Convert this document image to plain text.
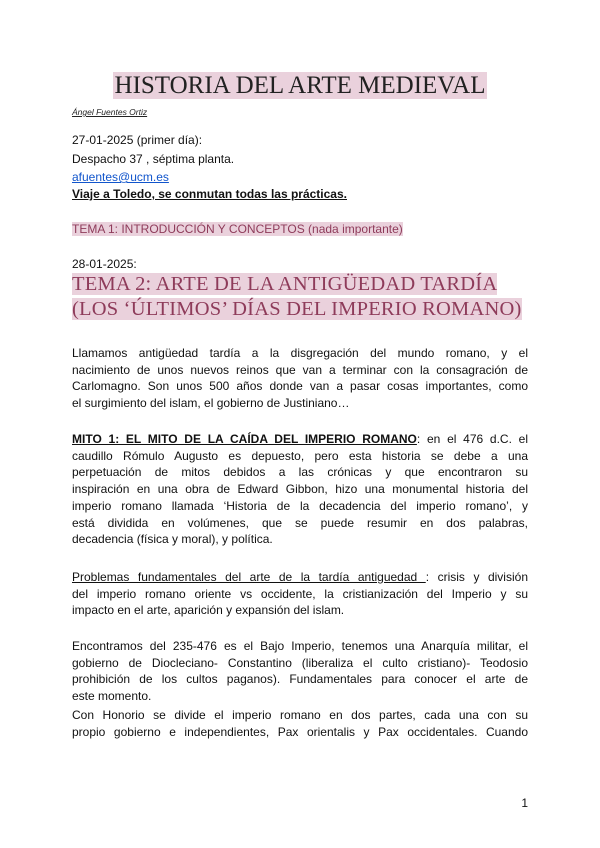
HISTORIA DEL ARTE MEDIEVAL
Ángel Fuentes Ortiz
27-01-2025 (primer día):
Despacho 37 , séptima planta.
afuentes@ucm.es
Viaje a Toledo, se conmutan todas las prácticas.
TEMA 1: INTRODUCCIÓN Y CONCEPTOS (nada importante)
28-01-2025:
TEMA 2: ARTE DE LA ANTIGÜEDAD TARDÍA
(LOS ‘ÚLTIMOS’ DÍAS DEL IMPERIO ROMANO)
Llamamos antigüedad tardía a la disgregación del mundo romano, y el
nacimiento de unos nuevos reinos que van a terminar con la consagración de
Carlomagno. Son unos 500 años donde van a pasar cosas importantes, como
el surgimiento del islam, el gobierno de Justiniano…
MITO 1: EL MITO DE LA CAÍDA DEL IMPERIO ROMANO: en el 476 d.C. el
caudillo Rómulo Augusto es depuesto, pero esta historia se debe a una
perpetuación de mitos debidos a las crónicas y que encontraron su
inspiración en una obra de Edward Gibbon, hizo una monumental historia del
imperio romano llamada ‘Historia de la decadencia del imperio romano’, y
está dividida en volúmenes, que se puede resumir en dos palabras,
decadencia (física y moral), y política.
Problemas fundamentales del arte de la tardía antiguedad : crisis y división
del imperio romano oriente vs occidente, la cristianización del Imperio y su
impacto en el arte, aparición y expansión del islam.
Encontramos del 235-476 es el Bajo Imperio, tenemos una Anarquía militar, el
gobierno de Diocleciano- Constantino (liberaliza el culto cristiano)- Teodosio
prohibición de los cultos paganos). Fundamentales para conocer el arte de
este momento.
Con Honorio se divide el imperio romano en dos partes, cada una con su
propio gobierno e independientes, Pax orientalis y Pax occidentales. Cuando
1
